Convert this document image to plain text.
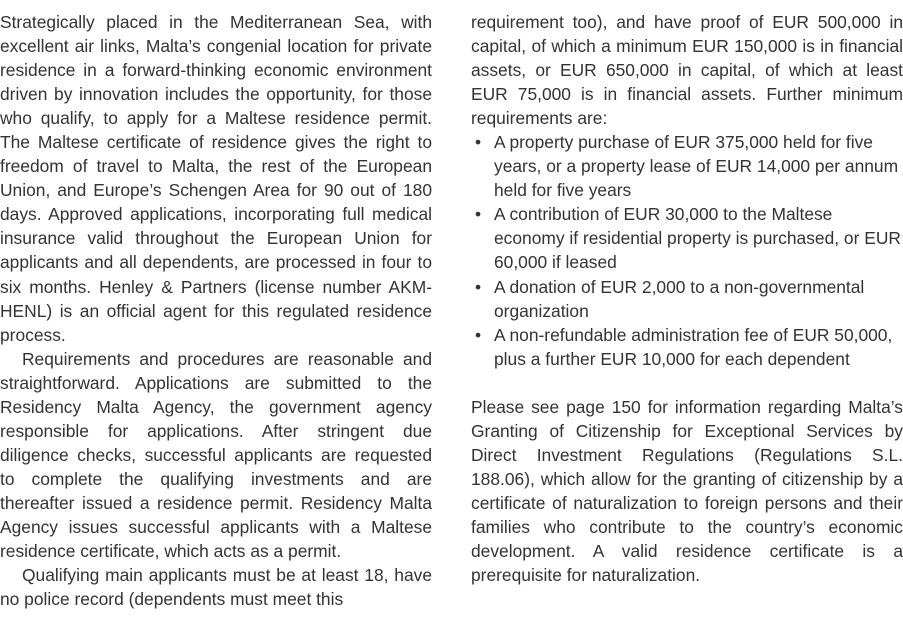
Strategically placed in the Mediterranean Sea, with excellent air links, Malta’s congenial location for private residence in a forward-thinking economic environment driven by innovation includes the opportunity, for those who qualify, to apply for a Maltese residence permit. The Maltese certificate of residence gives the right to freedom of travel to Malta, the rest of the European Union, and Europe’s Schengen Area for 90 out of 180 days. Approved applications, incorporating full medical insurance valid throughout the European Union for applicants and all dependents, are processed in four to six months. Henley & Partners (license number AKM-HENL) is an official agent for this regulated residence process.

Requirements and procedures are reasonable and straightforward. Applications are submitted to the Residency Malta Agency, the government agency responsible for applications. After stringent due diligence checks, successful applicants are requested to complete the qualifying investments and are thereafter issued a residence permit. Residency Malta Agency issues successful applicants with a Maltese residence certificate, which acts as a permit.

Qualifying main applicants must be at least 18, have no police record (dependents must meet this

requirement too), and have proof of EUR 500,000 in capital, of which a minimum EUR 150,000 is in financial assets, or EUR 650,000 in capital, of which at least EUR 75,000 is in financial assets. Further minimum requirements are:

• A property purchase of EUR 375,000 held for five years, or a property lease of EUR 14,000 per annum held for five years
• A contribution of EUR 30,000 to the Maltese economy if residential property is purchased, or EUR 60,000 if leased
• A donation of EUR 2,000 to a non-governmental organization
• A non-refundable administration fee of EUR 50,000, plus a further EUR 10,000 for each dependent

Please see page 150 for information regarding Malta’s Granting of Citizenship for Exceptional Services by Direct Investment Regulations (Regulations S.L. 188.06), which allow for the granting of citizenship by a certificate of naturalization to foreign persons and their families who contribute to the country’s economic development. A valid residence certificate is a prerequisite for naturalization.
